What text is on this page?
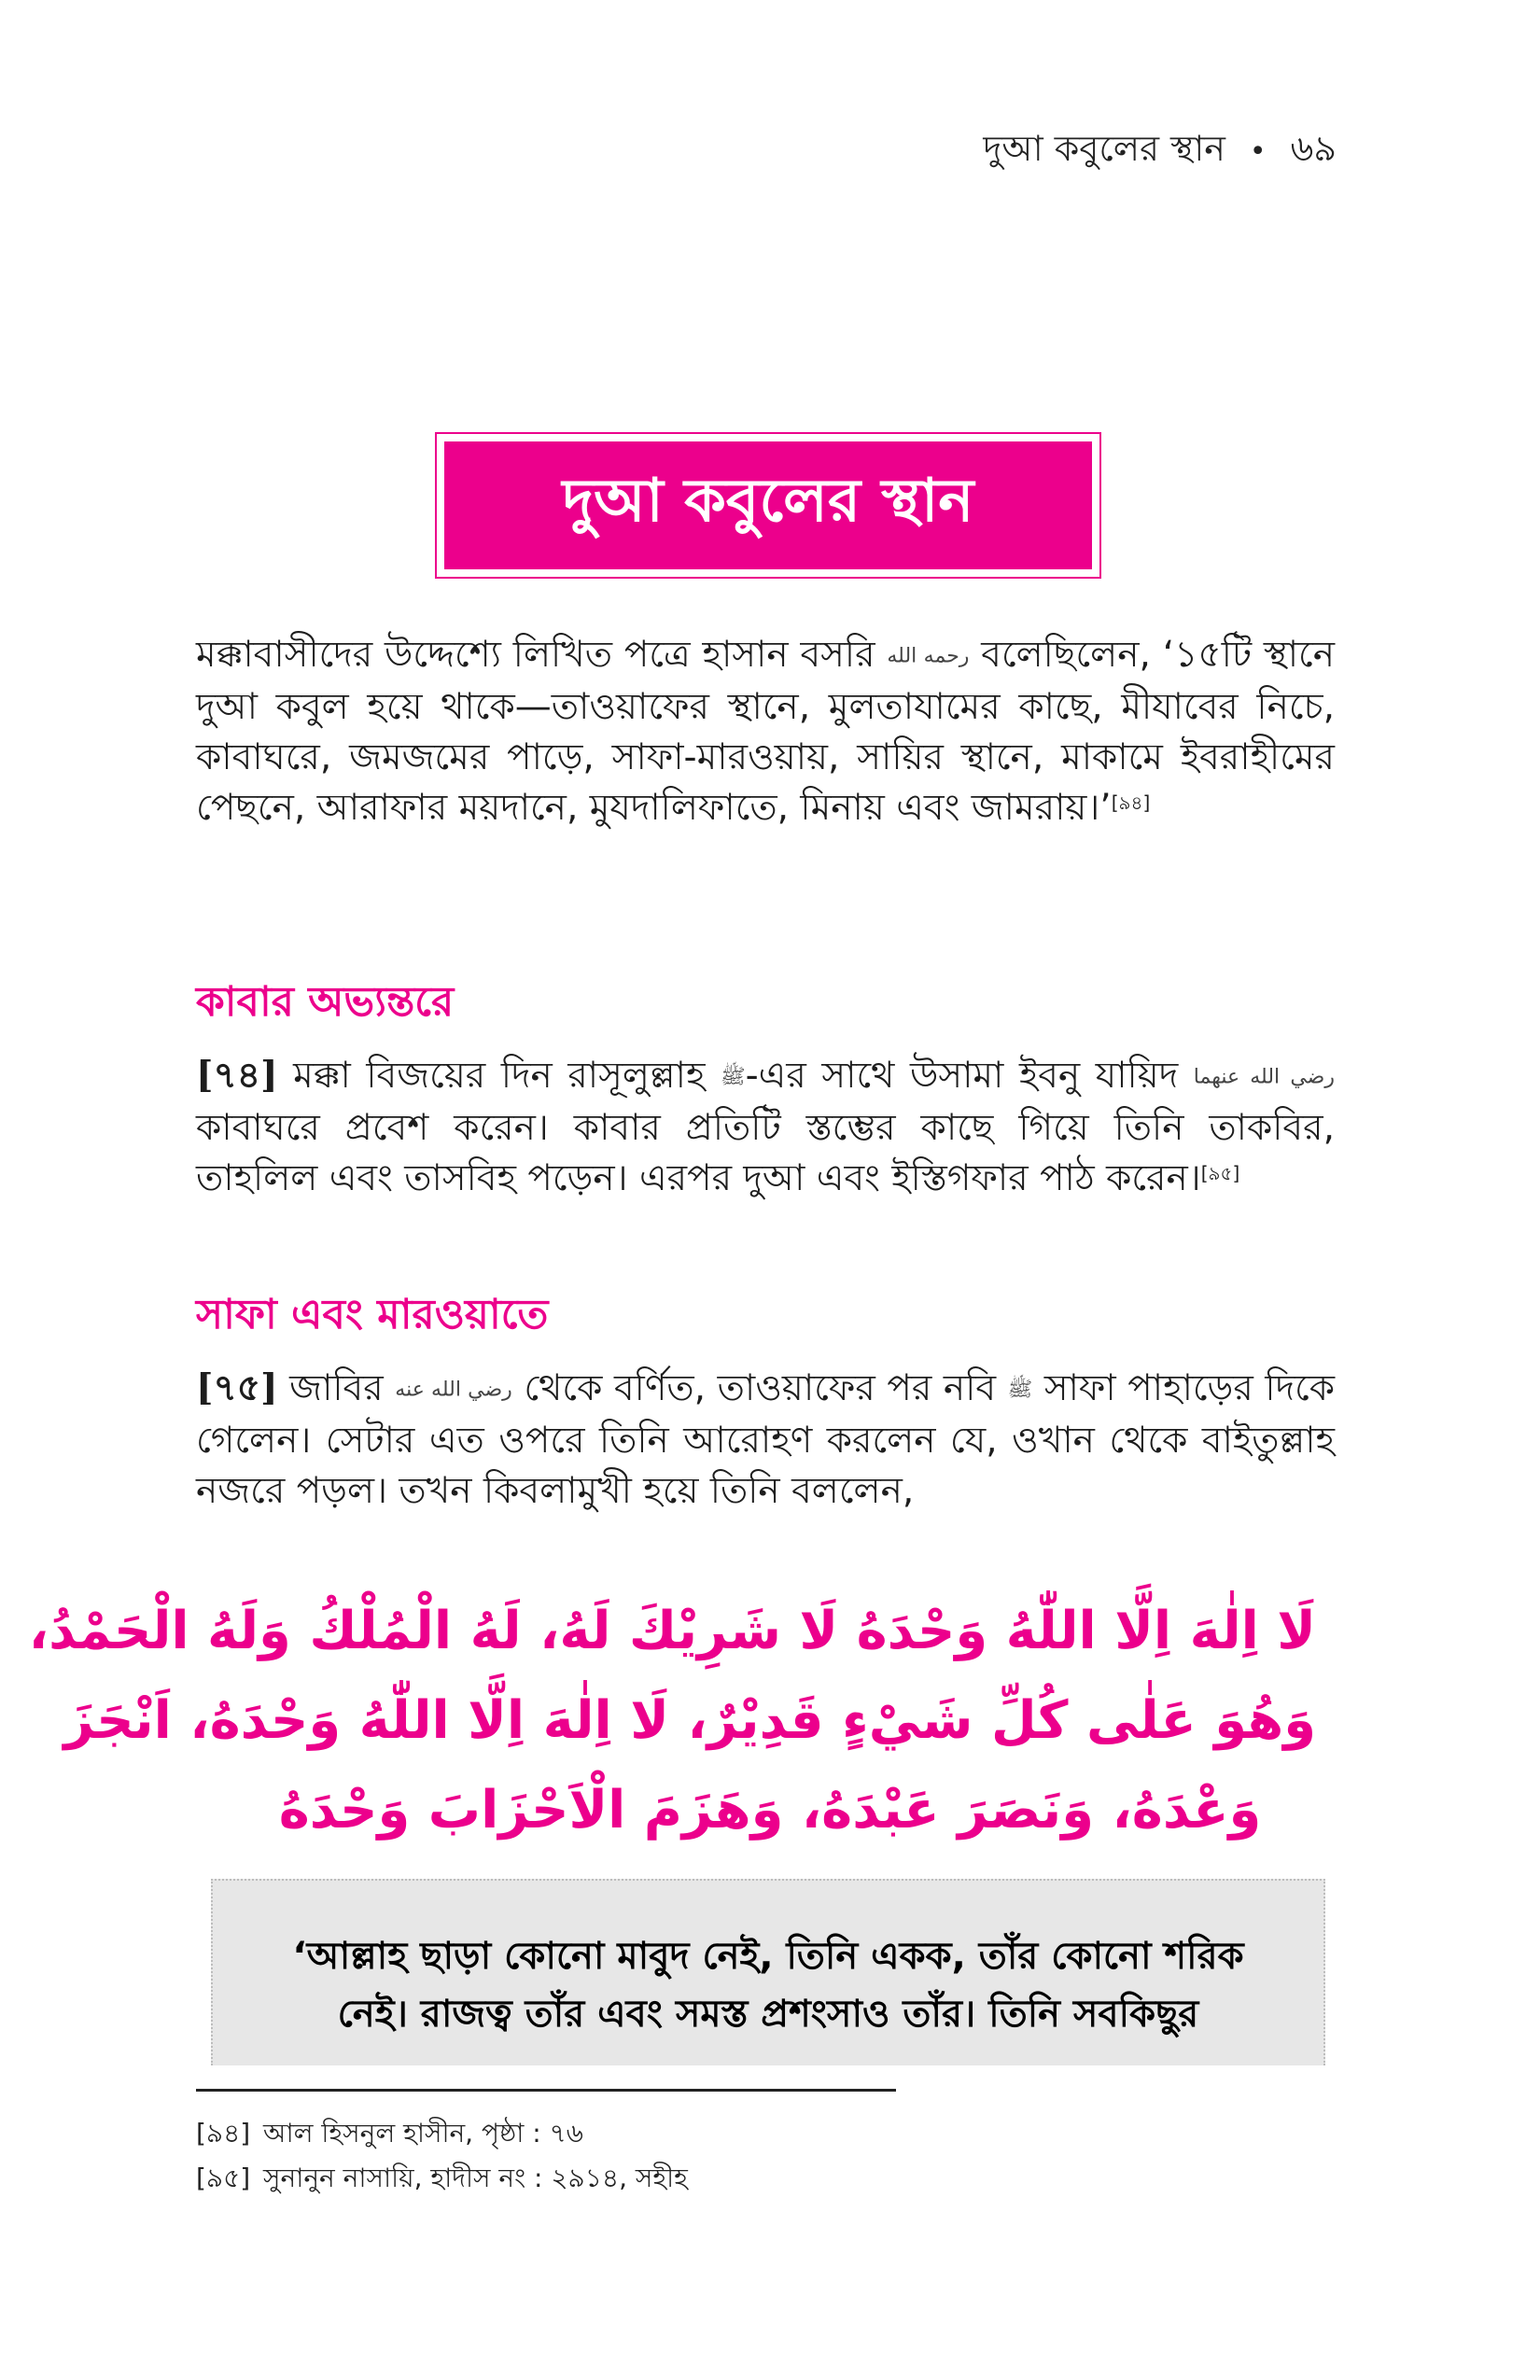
দুআ কবুলের স্থান • ৬৯
দুআ কবুলের স্থান
মক্কাবাসীদের উদ্দেশ্যে লিখিত পত্রে হাসান বসরি رحمه الله বলেছিলেন, ‘১৫টি স্থানে দুআ কবুল হয়ে থাকে—তাওয়াফের স্থানে, মুলতাযামের কাছে, মীযাবের নিচে, কাবাঘরে, জমজমের পাড়ে, সাফা-মারওয়ায়, সায়ির স্থানে, মাকামে ইবরাহীমের পেছনে, আরাফার ময়দানে, মুযদালিফাতে, মিনায় এবং জামরায়।’[৯৪]
কাবার অভ্যন্তরে
[৭৪] মক্কা বিজয়ের দিন রাসূলুল্লাহ ﷺ-এর সাথে উসামা ইবনু যায়িদ رضي الله عنهما কাবাঘরে প্রবেশ করেন। কাবার প্রতিটি স্তম্ভের কাছে গিয়ে তিনি তাকবির, তাহলিল এবং তাসবিহ পড়েন। এরপর দুআ এবং ইস্তিগফার পাঠ করেন।[৯৫]
সাফা এবং মারওয়াতে
[৭৫] জাবির رضي الله عنه থেকে বর্ণিত, তাওয়াফের পর নবি ﷺ সাফা পাহাড়ের দিকে গেলেন। সেটার এত ওপরে তিনি আরোহণ করলেন যে, ওখান থেকে বাইতুল্লাহ নজরে পড়ল। তখন কিবলামুখী হয়ে তিনি বললেন,
لَا اِلٰهَ اِلَّا اللّٰهُ وَحْدَهُ لَا شَرِيْكَ لَهُ، لَهُ الْمُلْكُ وَلَهُ الْحَمْدُ،
وَهُوَ عَلٰى كُلِّ شَيْءٍ قَدِيْرٌ، لَا اِلٰهَ اِلَّا اللّٰهُ وَحْدَهُ، اَنْجَزَ
وَعْدَهُ، وَنَصَرَ عَبْدَهُ، وَهَزَمَ الْاَحْزَابَ وَحْدَهُ
‘আল্লাহ ছাড়া কোনো মাবুদ নেই, তিনি একক, তাঁর কোনো শরিক
নেই। রাজত্ব তাঁর এবং সমস্ত প্রশংসাও তাঁর। তিনি সবকিছুর
[৯৪] আল হিসনুল হাসীন, পৃষ্ঠা : ৭৬
[৯৫] সুনানুন নাসায়ি, হাদীস নং : ২৯১৪, সহীহ
